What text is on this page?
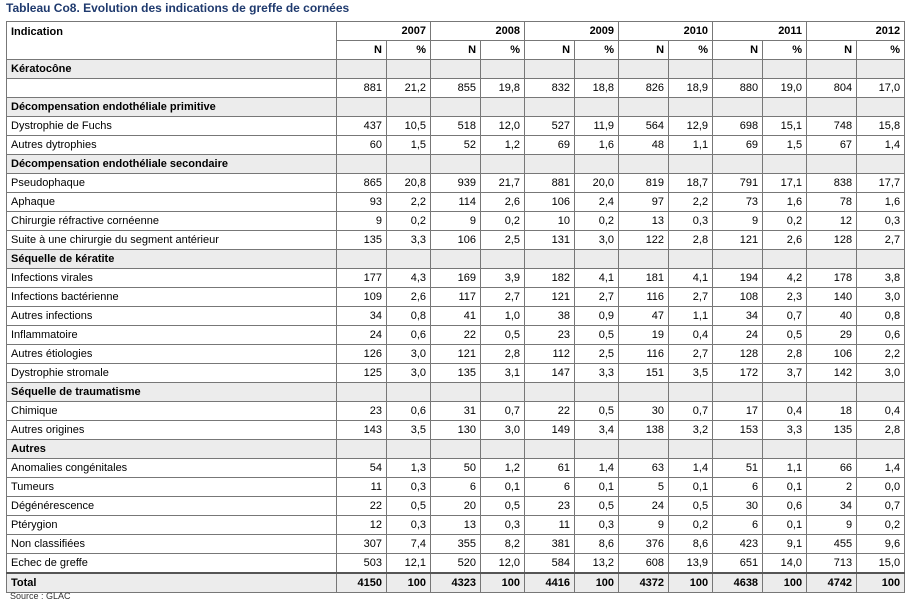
Tableau Co8. Evolution des indications de greffe de cornées
Indication	2007		2008		2009		2010		2011		2012	
	N	%	N	%	N	%	N	%	N	%	N	%
Kératocône												
	881	21,2	855	19,8	832	18,8	826	18,9	880	19,0	804	17,0
Décompensation endothéliale primitive												
Dystrophie de Fuchs	437	10,5	518	12,0	527	11,9	564	12,9	698	15,1	748	15,8
Autres dytrophies	60	1,5	52	1,2	69	1,6	48	1,1	69	1,5	67	1,4
Décompensation endothéliale secondaire												
Pseudophaque	865	20,8	939	21,7	881	20,0	819	18,7	791	17,1	838	17,7
Aphaque	93	2,2	114	2,6	106	2,4	97	2,2	73	1,6	78	1,6
Chirurgie réfractive cornéenne	9	0,2	9	0,2	10	0,2	13	0,3	9	0,2	12	0,3
Suite à une chirurgie du segment antérieur	135	3,3	106	2,5	131	3,0	122	2,8	121	2,6	128	2,7
Séquelle de kératite												
Infections virales	177	4,3	169	3,9	182	4,1	181	4,1	194	4,2	178	3,8
Infections bactérienne	109	2,6	117	2,7	121	2,7	116	2,7	108	2,3	140	3,0
Autres infections	34	0,8	41	1,0	38	0,9	47	1,1	34	0,7	40	0,8
Inflammatoire	24	0,6	22	0,5	23	0,5	19	0,4	24	0,5	29	0,6
Autres étiologies	126	3,0	121	2,8	112	2,5	116	2,7	128	2,8	106	2,2
Dystrophie stromale	125	3,0	135	3,1	147	3,3	151	3,5	172	3,7	142	3,0
Séquelle de traumatisme												
Chimique	23	0,6	31	0,7	22	0,5	30	0,7	17	0,4	18	0,4
Autres origines	143	3,5	130	3,0	149	3,4	138	3,2	153	3,3	135	2,8
Autres												
Anomalies congénitales	54	1,3	50	1,2	61	1,4	63	1,4	51	1,1	66	1,4
Tumeurs	11	0,3	6	0,1	6	0,1	5	0,1	6	0,1	2	0,0
Dégénérescence	22	0,5	20	0,5	23	0,5	24	0,5	30	0,6	34	0,7
Ptérygion	12	0,3	13	0,3	11	0,3	9	0,2	6	0,1	9	0,2
Non classifiées	307	7,4	355	8,2	381	8,6	376	8,6	423	9,1	455	9,6
Echec de greffe	503	12,1	520	12,0	584	13,2	608	13,9	651	14,0	713	15,0
Total	4150	100	4323	100	4416	100	4372	100	4638	100	4742	100
Source : GLAC
